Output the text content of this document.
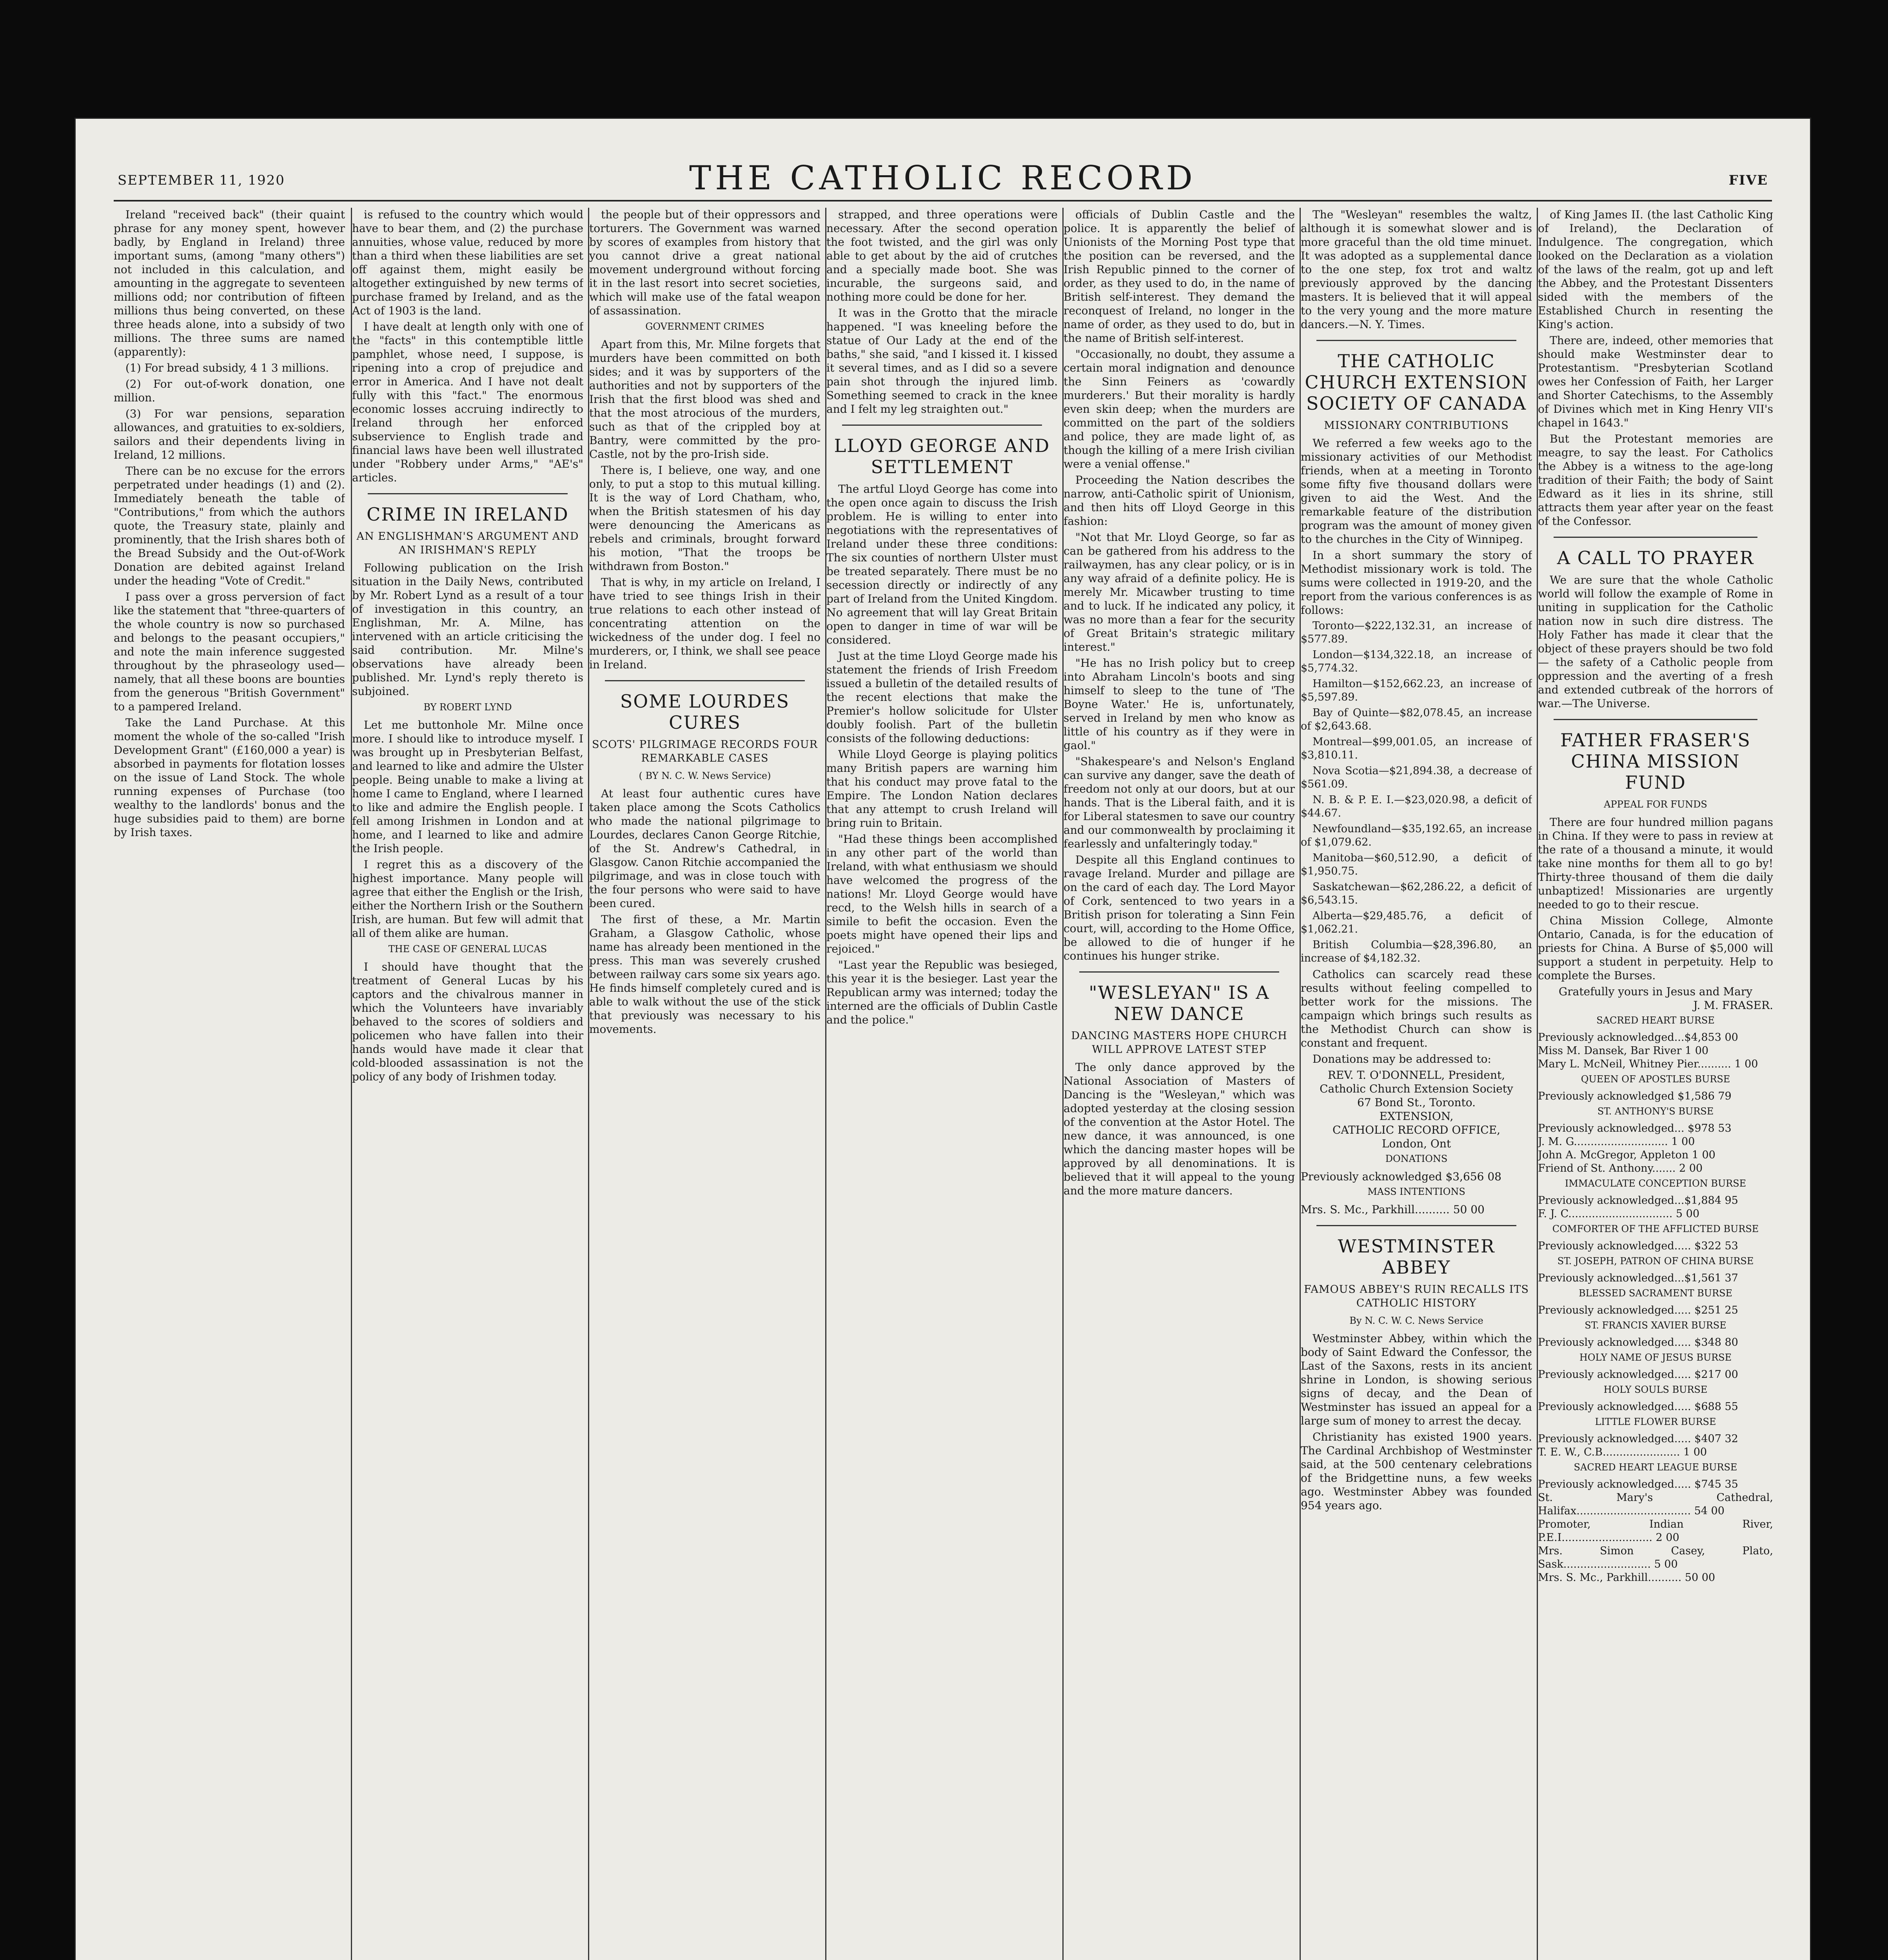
SEPTEMBER 11, 1920	THE CATHOLIC RECORD	FIVE

Ireland "received back" (their quaint phrase for any money spent, however badly, by England in Ireland) three important sums, (among "many others") not included in this calculation, and amounting in the aggregate to seventeen millions odd; nor contribution of fifteen millions thus being converted, on these three heads alone, into a subsidy of two millions. The three sums are named (apparently):

(1) For bread subsidy, 4 1 3 millions.

(2) For out-of-work donation, one million.

(3) For war pensions, separation allowances, and gratuities to ex-soldiers, sailors and their dependents living in Ireland, 12 millions.

There can be no excuse for the errors perpetrated under headings (1) and (2). Immediately beneath the table of "Contributions," from which the authors quote, the Treasury state, plainly and prominently, that the Irish shares both of the Bread Subsidy and the Out-of-Work Donation are debited against Ireland under the heading "Vote of Credit."

I pass over a gross perversion of fact like the statement that "three-quarters of the whole country is now so purchased and belongs to the peasant occupiers," and note the main inference suggested throughout by the phraseology used—namely, that all these boons are bounties from the generous "British Government" to a pampered Ireland.

Take the Land Purchase. At this moment the whole of the so-called "Irish Development Grant" (£160,000 a year) is absorbed in payments for flotation losses on the issue of Land Stock. The whole running expenses of Purchase (too wealthy to the landlords' bonus and the huge subsidies paid to them) are borne by Irish taxes.

is refused to the country which would have to bear them, and (2) the purchase annuities, whose value, reduced by more than a third when these liabilities are set off against them, might easily be altogether extinguished by new terms of purchase framed by Ireland, and as the Act of 1903 is the land.

I have dealt at length only with one of the "facts" in this contemptible little pamphlet, whose need, I suppose, is ripening into a crop of prejudice and error in America. And I have not dealt fully with this "fact." The enormous economic losses accruing indirectly to Ireland through her enforced subservience to English trade and financial laws have been well illustrated under "Robbery under Arms," "AE's" articles.

CRIME IN IRELAND
AN ENGLISHMAN'S ARGUMENT AND AN IRISHMAN'S REPLY

Following publication on the Irish situation in the Daily News, contributed by Mr. Robert Lynd as a result of a tour of investigation in this country, an Englishman, Mr. A. Milne, has intervened with an article criticising the said contribution. Mr. Milne's observations have already been published. Mr. Lynd's reply thereto is subjoined.

BY ROBERT LYND

Let me buttonhole Mr. Milne once more. I should like to introduce myself. I was brought up in Presbyterian Belfast, and learned to like and admire the Ulster people. Being unable to make a living at home I came to England, where I learned to like and admire the English people. I fell among Irishmen in London and at home, and I learned to like and admire the Irish people.

I regret this as a discovery of the highest importance. Many people will agree that either the English or the Irish, either the Northern Irish or the Southern Irish, are human. But few will admit that all of them alike are human.

THE CASE OF GENERAL LUCAS

I should have thought that the treatment of General Lucas by his captors and the chivalrous manner in which the Volunteers have invariably behaved to the scores of soldiers and policemen who have fallen into their hands would have made it clear that cold-blooded assassination is not the policy of any body of Irishmen today.

the people but of their oppressors and torturers. The Government was warned by scores of examples from history that you cannot drive a great national movement underground without forcing it in the last resort into secret societies, which will make use of the fatal weapon of assassination.

GOVERNMENT CRIMES

Apart from this, Mr. Milne forgets that murders have been committed on both sides; and it was by supporters of the authorities and not by supporters of the Irish that the first blood was shed and that the most atrocious of the murders, such as that of the crippled boy at Bantry, were committed by the pro-Castle, not by the pro-Irish side.

There is, I believe, one way, and one only, to put a stop to this mutual killing. It is the way of Lord Chatham, who, when the British statesmen of his day were denouncing the Americans as rebels and criminals, brought forward his motion, "That the troops be withdrawn from Boston."

That is why, in my article on Ireland, I have tried to see things Irish in their true relations to each other instead of concentrating attention on the wickedness of the under dog. I feel no murderers, or, I think, we shall see peace in Ireland.

SOME LOURDES CURES
SCOTS' PILGRIMAGE RECORDS FOUR REMARKABLE CASES
( BY N. C. W. News Service)

At least four authentic cures have taken place among the Scots Catholics who made the national pilgrimage to Lourdes, declares Canon George Ritchie, of the St. Andrew's Cathedral, in Glasgow. Canon Ritchie accompanied the pilgrimage, and was in close touch with the four persons who were said to have been cured.

The first of these, a Mr. Martin Graham, a Glasgow Catholic, whose name has already been mentioned in the press. This man was severely crushed between railway cars some six years ago. He finds himself completely cured and is able to walk without the use of the stick that previously was necessary to his movements.

strapped, and three operations were necessary. After the second operation the foot twisted, and the girl was only able to get about by the aid of crutches and a specially made boot. She was incurable, the surgeons said, and nothing more could be done for her.

It was in the Grotto that the miracle happened. "I was kneeling before the statue of Our Lady at the end of the baths," she said, "and I kissed it. I kissed it several times, and as I did so a severe pain shot through the injured limb. Something seemed to crack in the knee and I felt my leg straighten out."

LLOYD GEORGE AND SETTLEMENT

The artful Lloyd George has come into the open once again to discuss the Irish problem. He is willing to enter into negotiations with the representatives of Ireland under these three conditions: The six counties of northern Ulster must be treated separately. There must be no secession directly or indirectly of any part of Ireland from the United Kingdom. No agreement that will lay Great Britain open to danger in time of war will be considered.

Just at the time Lloyd George made his statement the friends of Irish Freedom issued a bulletin of the detailed results of the recent elections that make the Premier's hollow solicitude for Ulster doubly foolish. Part of the bulletin consists of the following deductions:

While Lloyd George is playing politics many British papers are warning him that his conduct may prove fatal to the Empire. The London Nation declares that any attempt to crush Ireland will bring ruin to Britain.

"Had these things been accomplished in any other part of the world than Ireland, with what enthusiasm we should have welcomed the progress of the nations! Mr. Lloyd George would have recd, to the Welsh hills in search of a simile to befit the occasion. Even the poets might have opened their lips and rejoiced."

"Last year the Republic was besieged, this year it is the besieger. Last year the Republican army was interned; today the interned are the officials of Dublin Castle and the police."

officials of Dublin Castle and the police. It is apparently the belief of Unionists of the Morning Post type that the position can be reversed, and the Irish Republic pinned to the corner of order, as they used to do, in the name of British self-interest. They demand the reconquest of Ireland, no longer in the name of order, as they used to do, but in the name of British self-interest.

"Occasionally, no doubt, they assume a certain moral indignation and denounce the Sinn Feiners as 'cowardly murderers.' But their morality is hardly even skin deep; when the murders are committed on the part of the soldiers and police, they are made light of, as though the killing of a mere Irish civilian were a venial offense."

Proceeding the Nation describes the narrow, anti-Catholic spirit of Unionism, and then hits off Lloyd George in this fashion:

"Not that Mr. Lloyd George, so far as can be gathered from his address to the railwaymen, has any clear policy, or is in any way afraid of a definite policy. He is merely Mr. Micawber trusting to time and to luck. If he indicated any policy, it was no more than a fear for the security of Great Britain's strategic military interest."

"He has no Irish policy but to creep into Abraham Lincoln's boots and sing himself to sleep to the tune of 'The Boyne Water.' He is, unfortunately, served in Ireland by men who know as little of his country as if they were in gaol."

"Shakespeare's and Nelson's England can survive any danger, save the death of freedom not only at our doors, but at our hands. That is the Liberal faith, and it is for Liberal statesmen to save our country and our commonwealth by proclaiming it fearlessly and unfalteringly today."

Despite all this England continues to ravage Ireland. Murder and pillage are on the card of each day. The Lord Mayor of Cork, sentenced to two years in a British prison for tolerating a Sinn Fein court, will, according to the Home Office, be allowed to die of hunger if he continues his hunger strike.

"WESLEYAN" IS A NEW DANCE
DANCING MASTERS HOPE CHURCH WILL APPROVE LATEST STEP

The only dance approved by the National Association of Masters of Dancing is the "Wesleyan," which was adopted yesterday at the closing session of the convention at the Astor Hotel. The new dance, it was announced, is one which the dancing master hopes will be approved by all denominations. It is believed that it will appeal to the young and the more mature dancers.

The "Wesleyan" resembles the waltz, although it is somewhat slower and is more graceful than the old time minuet. It was adopted as a supplemental dance to the one step, fox trot and waltz previously approved by the dancing masters. It is believed that it will appeal to the very young and the more mature dancers.—N. Y. Times.

THE CATHOLIC CHURCH EXTENSION SOCIETY OF CANADA
MISSIONARY CONTRIBUTIONS

We referred a few weeks ago to the missionary activities of our Methodist friends, when at a meeting in Toronto some fifty five thousand dollars were given to aid the West. And the remarkable feature of the distribution program was the amount of money given to the churches in the City of Winnipeg.

In a short summary the story of Methodist missionary work is told. The sums were collected in 1919-20, and the report from the various conferences is as follows:

Toronto—$222,132.31, an increase of $577.89.

London—$134,322.18, an increase of $5,774.32.

Hamilton—$152,662.23, an increase of $5,597.89.

Bay of Quinte—$82,078.45, an increase of $2,643.68.

Montreal—$99,001.05, an increase of $3,810.11.

Nova Scotia—$21,894.38, a decrease of $561.09.

N. B. & P. E. I.—$23,020.98, a deficit of $44.67.

Newfoundland—$35,192.65, an increase of $1,079.62.

Manitoba—$60,512.90, a deficit of $1,950.75.

Saskatchewan—$62,286.22, a deficit of $6,543.15.

Alberta—$29,485.76, a deficit of $1,062.21.

British Columbia—$28,396.80, an increase of $4,182.32.

Catholics can scarcely read these results without feeling compelled to better work for the missions. The campaign which brings such results as the Methodist Church can show is constant and frequent.

Donations may be addressed to:

REV. T. O'DONNELL, President,
Catholic Church Extension Society
67 Bond St., Toronto.
EXTENSION,
CATHOLIC RECORD OFFICE,
London, Ont
DONATIONS
Previously acknowledged $3,656 08
MASS INTENTIONS
Mrs. S. Mc., Parkhill.......... 50 00
WESTMINSTER ABBEY
FAMOUS ABBEY'S RUIN RECALLS ITS CATHOLIC HISTORY
By N. C. W. C. News Service

Westminster Abbey, within which the body of Saint Edward the Confessor, the Last of the Saxons, rests in its ancient shrine in London, is showing serious signs of decay, and the Dean of Westminster has issued an appeal for a large sum of money to arrest the decay.

Christianity has existed 1900 years. The Cardinal Archbishop of Westminster said, at the 500 centenary celebrations of the Bridgettine nuns, a few weeks ago. Westminster Abbey was founded 954 years ago.

of King James II. (the last Catholic King of Ireland), the Declaration of Indulgence. The congregation, which looked on the Declaration as a violation of the laws of the realm, got up and left the Abbey, and the Protestant Dissenters sided with the members of the Established Church in resenting the King's action.

There are, indeed, other memories that should make Westminster dear to Protestantism. "Presbyterian Scotland owes her Confession of Faith, her Larger and Shorter Catechisms, to the Assembly of Divines which met in King Henry VII's chapel in 1643."

But the Protestant memories are meagre, to say the least. For Catholics the Abbey is a witness to the age-long tradition of their Faith; the body of Saint Edward as it lies in its shrine, still attracts them year after year on the feast of the Confessor.

A CALL TO PRAYER

We are sure that the whole Catholic world will follow the example of Rome in uniting in supplication for the Catholic nation now in such dire distress. The Holy Father has made it clear that the object of these prayers should be two fold — the safety of a Catholic people from oppression and the averting of a fresh and extended cutbreak of the horrors of war.—The Universe.

FATHER FRASER'S CHINA MISSION FUND
APPEAL FOR FUNDS

There are four hundred million pagans in China. If they were to pass in review at the rate of a thousand a minute, it would take nine months for them all to go by! Thirty-three thousand of them die daily unbaptized! Missionaries are urgently needed to go to their rescue.

China Mission College, Almonte Ontario, Canada, is for the education of priests for China. A Burse of $5,000 will support a student in perpetuity. Help to complete the Burses.

Gratefully yours in Jesus and Mary
J. M. FRASER.
SACRED HEART BURSE
Previously acknowledged...$4,853 00
Miss M. Dansek, Bar River 1 00
Mary L. McNeil, Whitney Pier.......... 1 00
QUEEN OF APOSTLES BURSE
Previously acknowledged $1,586 79
ST. ANTHONY'S BURSE
Previously acknowledged... $978 53
J. M. G............................ 1 00
John A. McGregor, Appleton 1 00
Friend of St. Anthony....... 2 00
IMMACULATE CONCEPTION BURSE
Previously acknowledged...$1,884 95
F. J. C............................... 5 00
COMFORTER OF THE AFFLICTED BURSE
Previously acknowledged..... $322 53
ST. JOSEPH, PATRON OF CHINA BURSE
Previously acknowledged...$1,561 37
BLESSED SACRAMENT BURSE
Previously acknowledged..... $251 25
ST. FRANCIS XAVIER BURSE
Previously acknowledged..... $348 80
HOLY NAME OF JESUS BURSE
Previously acknowledged..... $217 00
HOLY SOULS BURSE
Previously acknowledged..... $688 55
LITTLE FLOWER BURSE
Previously acknowledged..... $407 32
T. E. W., C.B....................... 1 00
SACRED HEART LEAGUE BURSE
Previously acknowledged..... $745 35
St. Mary's Cathedral, Halifax.................................. 54 00
Promoter, Indian River, P.E.I........................... 2 00
Mrs. Simon Casey, Plato, Sask.......................... 5 00
Mrs. S. Mc., Parkhill.......... 50 00
